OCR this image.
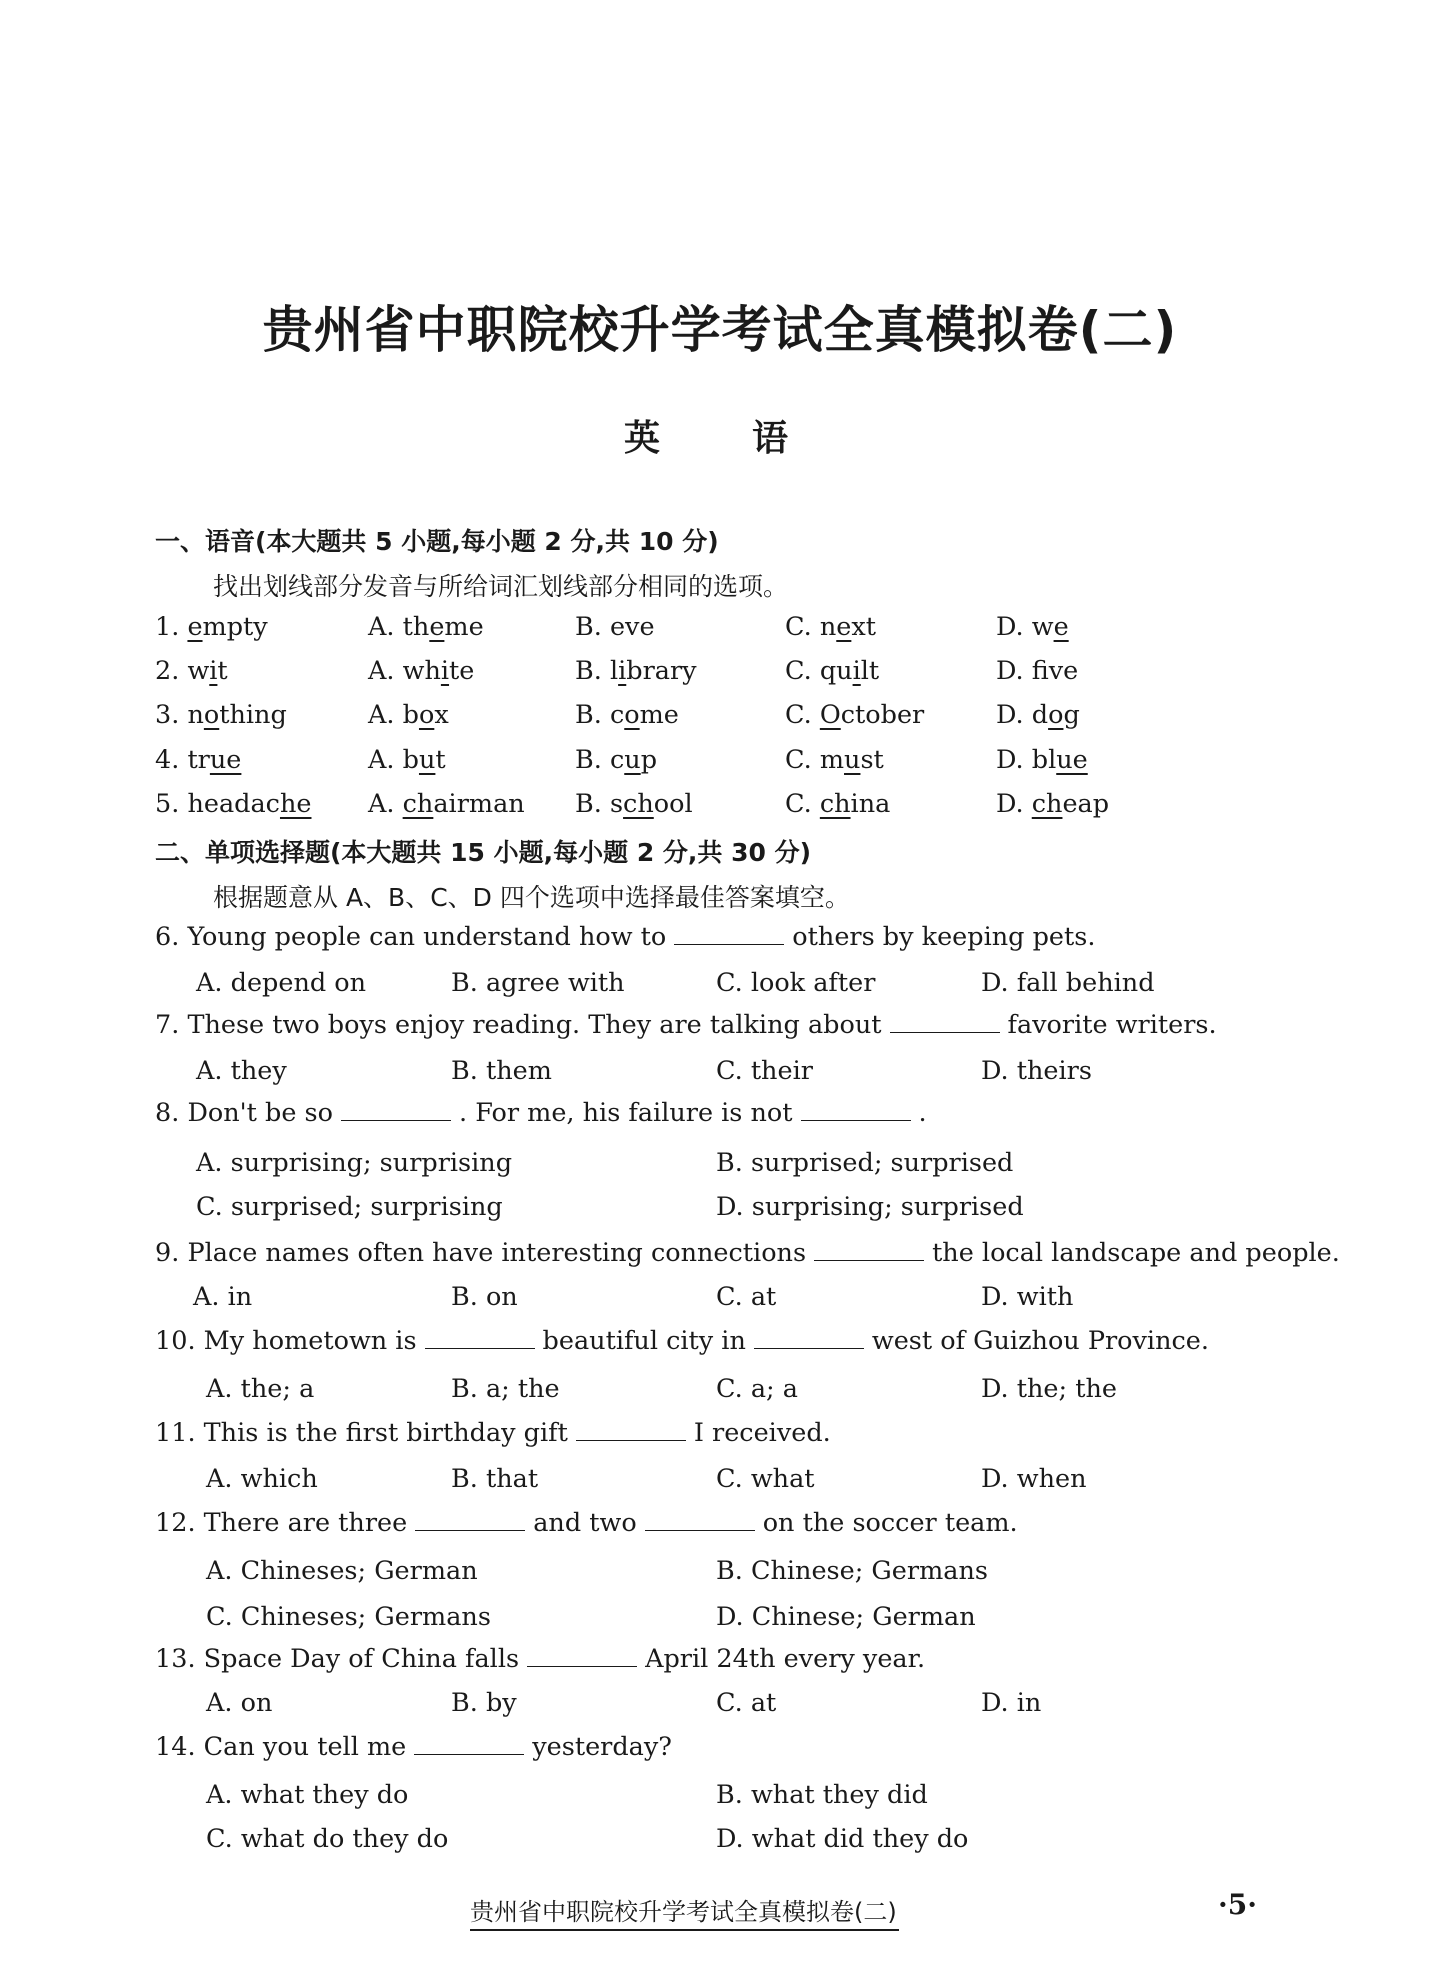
贵州省中职院校升学考试全真模拟卷(二)
英　语
一、语音(本大题共 5 小题,每小题 2 分,共 10 分)
找出划线部分发音与所给词汇划线部分相同的选项。
1. empty	A. theme	B. eve	C. next	D. we
2. wit	A. white	B. library	C. quilt	D. fve
3. nothing	A. box	B. come	C. October	D. dog
4. true	A. but	B. cup	C. must	D. blue
5. headache A. chairman B. school	C. china	D. cheap
二、单项选择题(本大题共 15 小题,每小题 2 分,共 30 分)
根据题意从 A、B、C、D 四个选项中选择最佳答案填空。
6. Young people can understand how to	others by keeping pets.
A. depend on	B. agree with	C. look after	D. fall behind
7. These two boys enjoy reading. They are talking about	favorite writers.
A. they	B. them	C. their	D. theirs
8. Don't be so	. For me, his failure is not	.
A. surprising; surprising	B. surprised; surprised
C. surprised; surprising	D. surprising; surprised
9. Place names often have interesting connections	the local landscape and people.
A. in	B. on	C. at	D. with
10. My hometown is	beautiful city in	west of Guizhou Province.
A. the; a	B. a; the	C. a; a	D. the; the
11. This is the first birthday gift	I received.
A. which	B. that	C. what	D. when
12. There are three	and two	on the soccer team.
A. Chineses; German	B. Chinese; Germans
C. Chineses; Germans	D. Chinese; German
13. Space Day of China falls	April 24th every year.
A. on	B. by	C. at	D. in
14. Can you tell me	yesterday?
A. what they do	B. what they did
C. what do they do	D. what did they do
贵州省中职院校升学考试全真模拟卷(二)	·5·
